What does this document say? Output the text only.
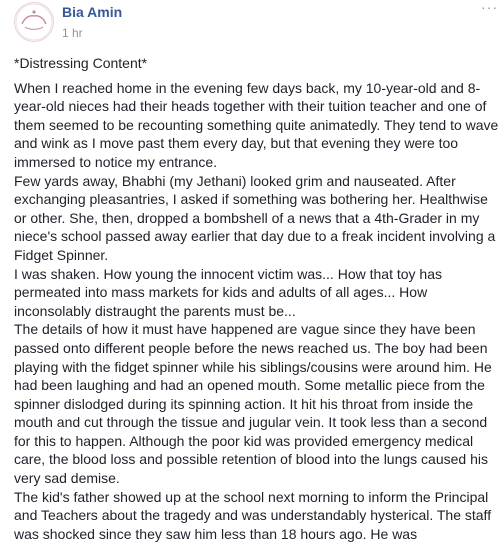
Bia Amin
1 hr
···

*Distressing Content*

When I reached home in the evening few days back, my 10-year-old and 8-year-old nieces had their heads together with their tuition teacher and one of them seemed to be recounting something quite animatedly. They tend to wave and wink as I move past them every day, but that evening they were too immersed to notice my entrance.

Few yards away, Bhabhi (my Jethani) looked grim and nauseated. After exchanging pleasantries, I asked if something was bothering her. Healthwise or other. She, then, dropped a bombshell of a news that a 4th-Grader in my niece's school passed away earlier that day due to a freak incident involving a Fidget Spinner.

I was shaken. How young the innocent victim was... How that toy has permeated into mass markets for kids and adults of all ages... How inconsolably distraught the parents must be...

The details of how it must have happened are vague since they have been passed onto different people before the news reached us. The boy had been playing with the fidget spinner while his siblings/cousins were around him. He had been laughing and had an opened mouth. Some metallic piece from the spinner dislodged during its spinning action. It hit his throat from inside the mouth and cut through the tissue and jugular vein. It took less than a second for this to happen. Although the poor kid was provided emergency medical care, the blood loss and possible retention of blood into the lungs caused his very sad demise.

The kid's father showed up at the school next morning to inform the Principal and Teachers about the tragedy and was understandably hysterical. The staff was shocked since they saw him less than 18 hours ago. He was
